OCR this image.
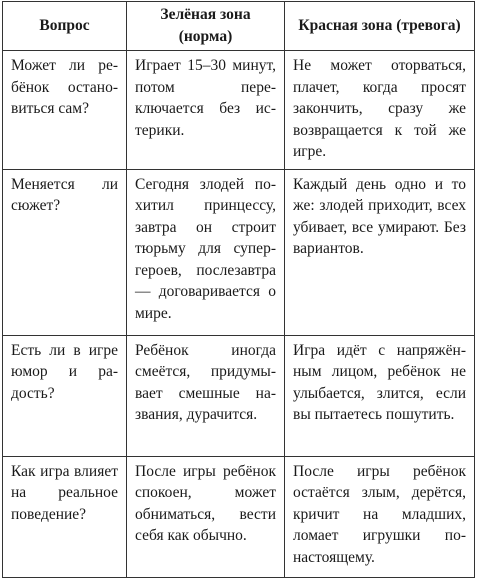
Вопрос	Зелёная зона (норма)	Красная зона (тревога)
Может ли ребёнок остановиться сам?	Играет 15–30 минут, потом переключается без истерики.	Не может оторваться, плачет, когда просят закончить, сразу же возвращается к той же игре.
Меняется ли сюжет?	Сегодня злодей похитил принцессу, завтра он строит тюрьму для супергероев, послезавтра — договаривается о мире.	Каждый день одно и то же: злодей приходит, всех убивает, все умирают. Без вариантов.
Есть ли в игре юмор и радость?	Ребёнок иногда смеётся, придумывает смешные названия, дурачится.	Игра идёт с напряжённым лицом, ребёнок не улыбается, злится, если вы пытаетесь пошутить.
Как игра влияет на реальное поведение?	После игры ребёнок спокоен, может обниматься, вести себя как обычно.	После игры ребёнок остаётся злым, дерётся, кричит на младших, ломает игрушки по-настоящему.
